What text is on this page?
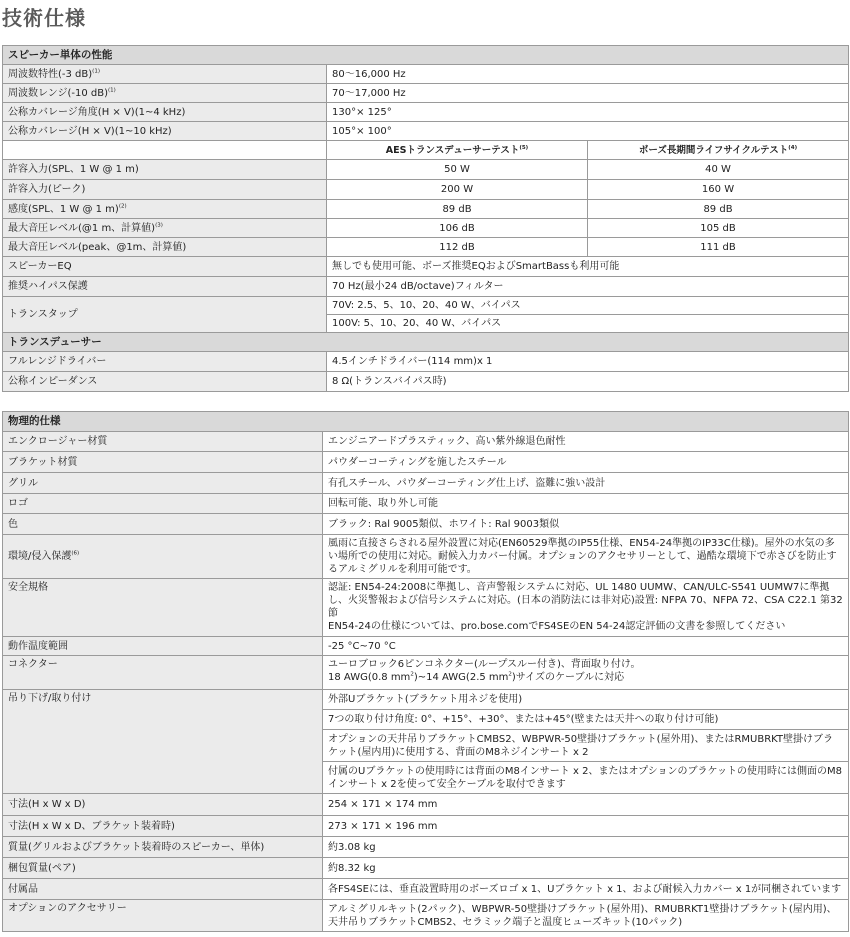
技術仕様
スピーカー単体の性能		
周波数特性(-3 dB)$^{(1)}$	80～16,000 Hz	
周波数レンジ(-10 dB)$^{(1)}$	70～17,000 Hz	
公称カバレージ角度(H × V)(1~4 kHz)	130°× 125°	
公称カバレージ(H × V)(1~10 kHz)	105°× 100°	
	AESトランスデューサーテスト$^{(5)}$	ボーズ長期間ライフサイクルテスト$^{(4)}$
許容入力(SPL、1 W @ 1 m)	50 W	40 W
許容入力(ピーク)	200 W	160 W
感度(SPL、1 W @ 1 m)$^{(2)}$	89 dB	89 dB
最大音圧レベル(@1 m、計算値)$^{(3)}$	106 dB	105 dB
最大音圧レベル(peak、@1m、計算値)	112 dB	111 dB
スピーカーEQ	無しでも使用可能、ボーズ推奨EQおよびSmartBassも利用可能	
推奨ハイパス保護	70 Hz(最小24 dB/octave)フィルター	
トランスタップ	70V: 2.5、5、10、20、40 W、バイパス	
	100V: 5、10、20、40 W、バイパス	
トランスデューサー		
フルレンジドライバー	4.5インチドライバー(114 mm)x 1	
公称インピーダンス	8 Ω(トランスバイパス時)	
物理的仕様	
エンクロージャー材質	エンジニアードプラスティック、高い紫外線退色耐性
ブラケット材質	パウダーコーティングを施したスチール
グリル	有孔スチール、パウダーコーティング仕上げ、盗難に強い設計
ロゴ	回転可能、取り外し可能
色	ブラック: Ral 9005類似、ホワイト: Ral 9003類似
環境/侵入保護$^{(6)}$	風雨に直接さらされる屋外設置に対応(EN60529準拠のIP55仕様、EN54-24準拠のIP33C仕様)。屋外の水気の多い場所での使用に対応。耐候入力カバー付属。オプションのアクセサリーとして、過酷な環境下で赤さびを防止するアルミグリルを利用可能です。
安全規格	認証: EN54-24:2008に準拠し、音声警報システムに対応、UL 1480 UUMW、CAN/ULC-S541 UUMW7に準拠し、火災警報および信号システムに対応。(日本の消防法には非対応)設置: NFPA 70、NFPA 72、CSA C22.1 第32節
EN54-24の仕様については、pro.bose.comでFS4SEのEN 54-24認定評価の文書を参照してください

動作温度範囲	-25 °C~70 °C
コネクター	ユーロブロック6ピンコネクター(ループスルー付き)、背面取り付け。
18 AWG(0.8 $mm^2)\sim 14$ AWG(2.5 $mm^2$)サイズのケーブルに対応

吊り下げ/取り付け	外部Uブラケット(ブラケット用ネジを使用)
	7つの取り付け角度: 0°、+15°、+30°、または+45°(壁または天井への取り付け可能)
	オプションの天井吊りブラケットCMBS2、WBPWR-50壁掛けブラケット(屋外用)、またはRMUBRKT壁掛けブラケット(屋内用)に使用する、背面のM8ネジインサート x 2
	付属のUブラケットの使用時には背面のM8インサート x 2、またはオプションのブラケットの使用時には側面のM8インサート x 2を使って安全ケーブルを取付できます
寸法(H x W x D)	254 × 171 × 174 mm
寸法(H x W x D、ブラケット装着時)	273 × 171 × 196 mm
質量(グリルおよびブラケット装着時のスピーカー、単体)	約3.08 kg
梱包質量(ペア)	約8.32 kg
付属品	各FS4SEには、垂直設置時用のボーズロゴ x 1、Uブラケット x 1、および耐候入力カバー x 1が同梱されています
オプションのアクセサリー	アルミグリルキット(2パック)、WBPWR-50壁掛けブラケット(屋外用)、RMUBRKT1壁掛けブラケット(屋内用)、天井吊りブラケットCMBS2、セラミック端子と温度ヒューズキット(10パック)
